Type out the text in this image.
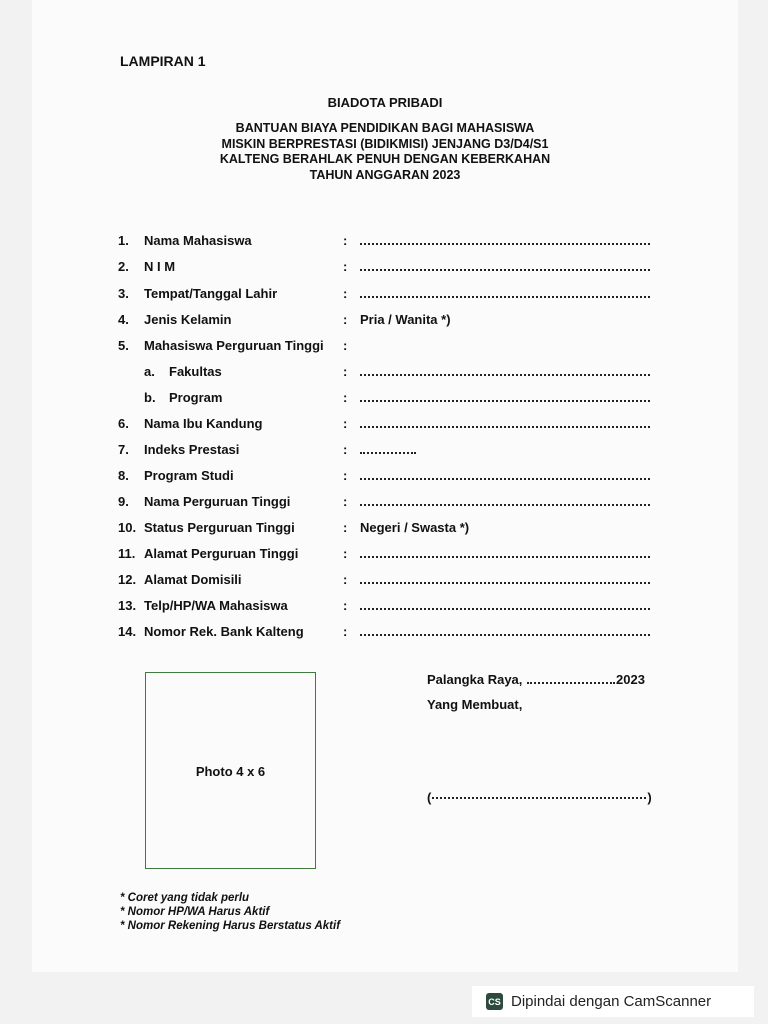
LAMPIRAN 1
BIADOTA PRIBADI
BANTUAN BIAYA PENDIDIKAN BAGI MAHASISWA
MISKIN BERPRESTASI (BIDIKMISI) JENJANG D3/D4/S1
KALTENG BERAHLAK PENUH DENGAN KEBERKAHAN
TAHUN ANGGARAN 2023
1. Nama Mahasiswa	:
2. N I M	:
3. Tempat/Tanggal Lahir	:
4. Jenis Kelamin	: Pria / Wanita *)
5. Mahasiswa Perguruan Tinggi :
a. Fakultas	:
b. Program	:
6. Nama Ibu Kandung	:
7. Indeks Prestasi	:
8. Program Studi	:
9. Nama Perguruan Tinggi	:
10. Status Perguruan Tinggi	: Negeri / Swasta *)
11. Alamat Perguruan Tinggi	:
12. Alamat Domisili	:
13. Telp/HP/WA Mahasiswa	:
14. Nomor Rek. Bank Kalteng	:
Palangka Raya,	2023
Yang Membuat,
(	)
Photo 4 x 6
* Coret yang tidak perlu
* Nomor HP/WA Harus Aktif
* Nomor Rekening Harus Berstatus Aktif
CS Dipindai dengan CamScanner
